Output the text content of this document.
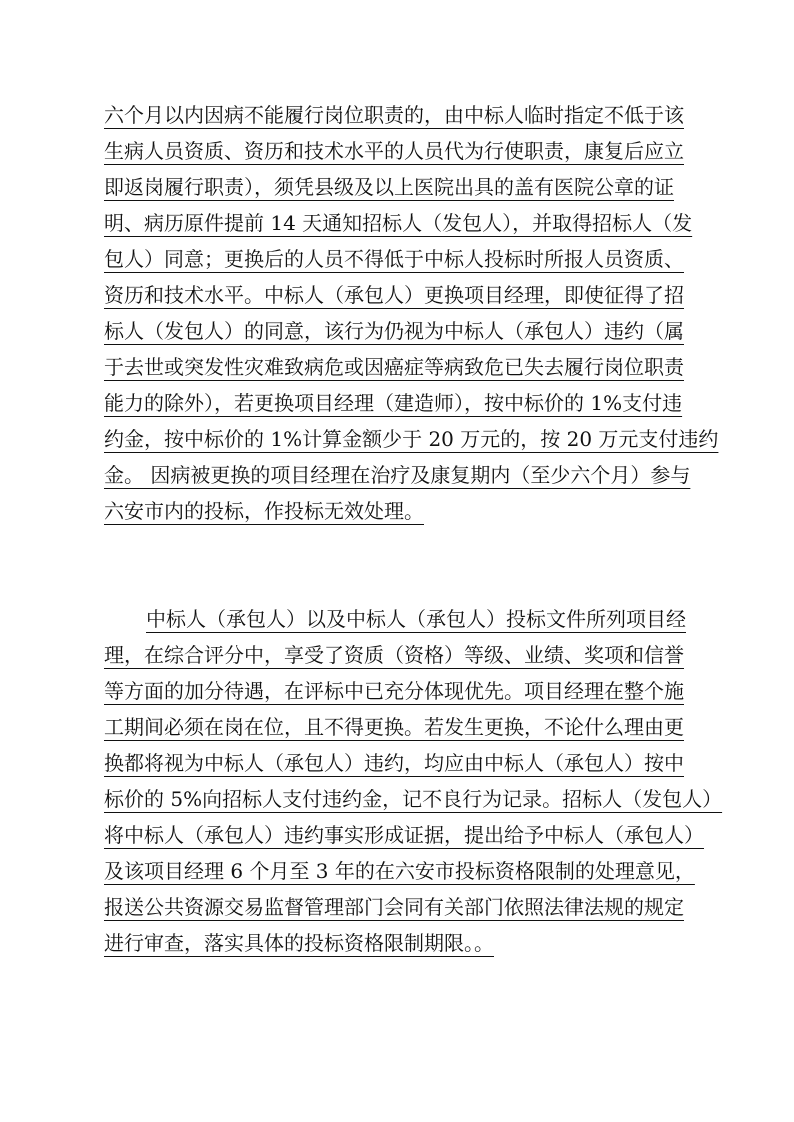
六个月以内因病不能履行岗位职责的，由中标人临时指定不低于该
生病人员资质、资历和技术水平的人员代为行使职责，康复后应立
即返岗履行职责），须凭县级及以上医院出具的盖有医院公章的证
明、病历原件提前 14 天通知招标人（发包人），并取得招标人（发
包人）同意；更换后的人员不得低于中标人投标时所报人员资质、
资历和技术水平。中标人（承包人）更换项目经理，即使征得了招
标人（发包人）的同意，该行为仍视为中标人（承包人）违约（属
于去世或突发性灾难致病危或因癌症等病致危已失去履行岗位职责
能力的除外），若更换项目经理（建造师），按中标价的 1%支付违
约金，按中标价的 1%计算金额少于 20 万元的，按 20 万元支付违约
金。 因病被更换的项目经理在治疗及康复期内（至少六个月）参与
六安市内的投标，作投标无效处理。
中标人（承包人）以及中标人（承包人）投标文件所列项目经
理，在综合评分中，享受了资质（资格）等级、业绩、奖项和信誉
等方面的加分待遇，在评标中已充分体现优先。项目经理在整个施
工期间必须在岗在位，且不得更换。若发生更换，不论什么理由更
换都将视为中标人（承包人）违约，均应由中标人（承包人）按中
标价的 5%向招标人支付违约金，记不良行为记录。招标人（发包人）
将中标人（承包人）违约事实形成证据，提出给予中标人（承包人）
及该项目经理 6 个月至 3 年的在六安市投标资格限制的处理意见，
报送公共资源交易监督管理部门会同有关部门依照法律法规的规定
进行审查，落实具体的投标资格限制期限。。
